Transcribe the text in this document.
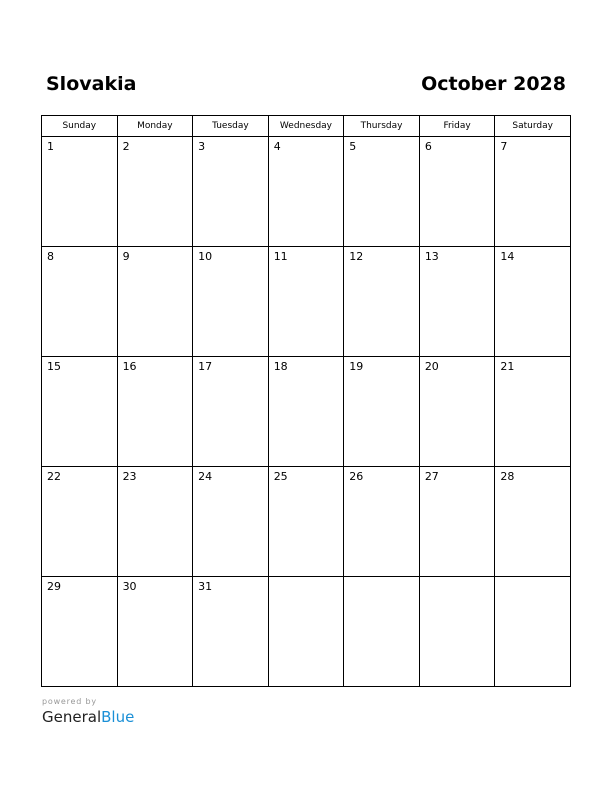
Slovakia	October 2028
Sunday	Monday	Tuesday	Wednesday	Thursday	Friday	Saturday

1	2	3	4	5	6	7

8	9	10	11	12	13	14

15	16	17	18	19	20	21

22	23	24	25	26	27	28

29	30	31				

powered by
GeneralBlue
